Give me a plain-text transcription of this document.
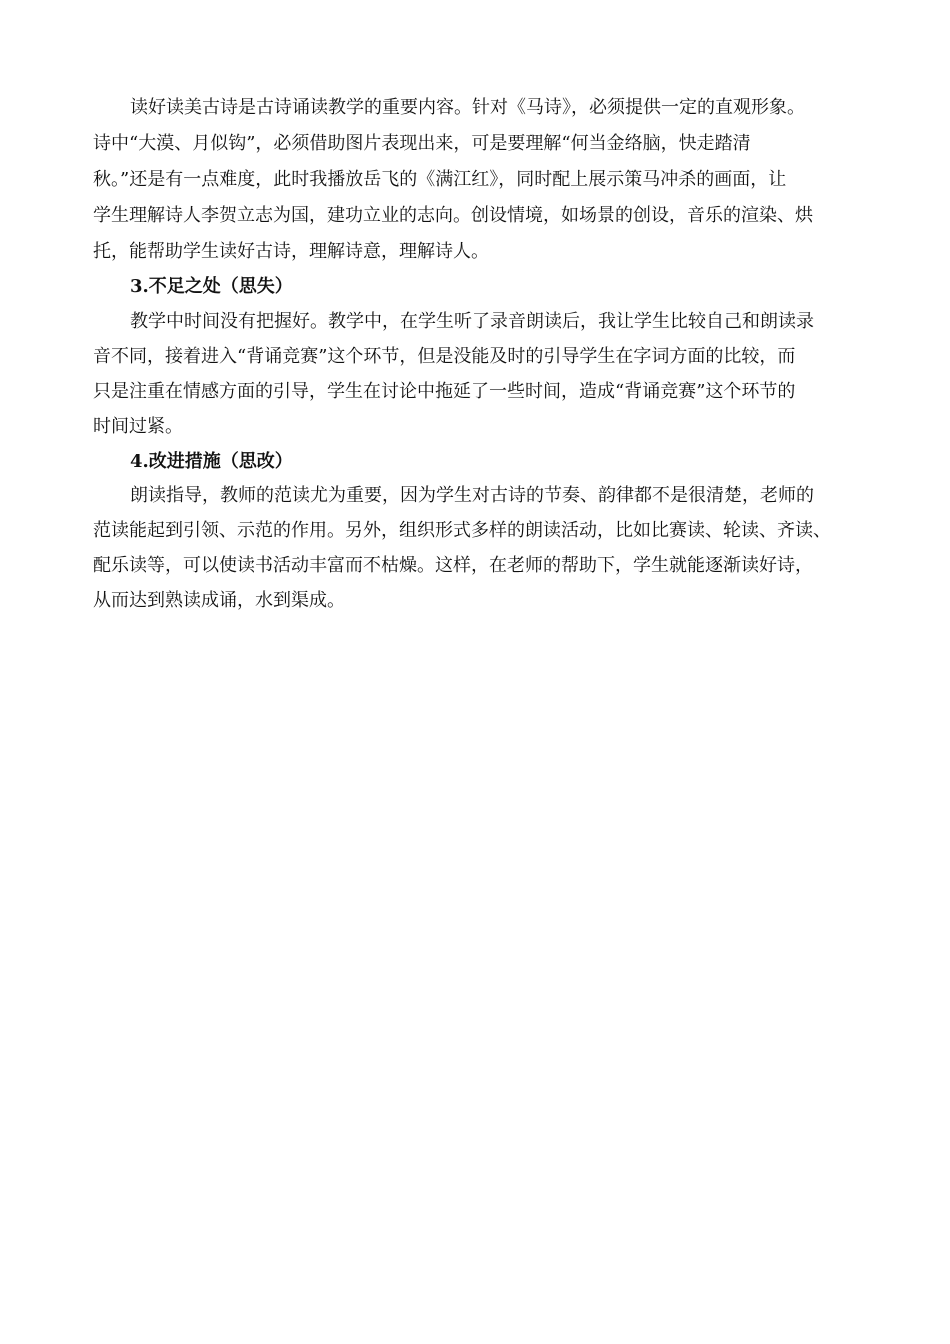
读好读美古诗是古诗诵读教学的重要内容。针对《马诗》，必须提供一定的直观形象。
诗中“大漠、月似钩”，必须借助图片表现出来，可是要理解“何当金络脑，快走踏清
秋。”还是有一点难度，此时我播放岳飞的《满江红》，同时配上展示策马冲杀的画面，让
学生理解诗人李贺立志为国，建功立业的志向。创设情境，如场景的创设，音乐的渲染、烘
托，能帮助学生读好古诗，理解诗意，理解诗人。
3.不足之处（思失）
教学中时间没有把握好。教学中，在学生听了录音朗读后，我让学生比较自己和朗读录
音不同，接着进入“背诵竞赛”这个环节，但是没能及时的引导学生在字词方面的比较，而
只是注重在情感方面的引导，学生在讨论中拖延了一些时间，造成“背诵竞赛”这个环节的
时间过紧。
4.改进措施（思改）
朗读指导，教师的范读尤为重要，因为学生对古诗的节奏、韵律都不是很清楚，老师的
范读能起到引领、示范的作用。另外，组织形式多样的朗读活动，比如比赛读、轮读、齐读、
配乐读等，可以使读书活动丰富而不枯燥。这样，在老师的帮助下，学生就能逐渐读好诗，
从而达到熟读成诵，水到渠成。
